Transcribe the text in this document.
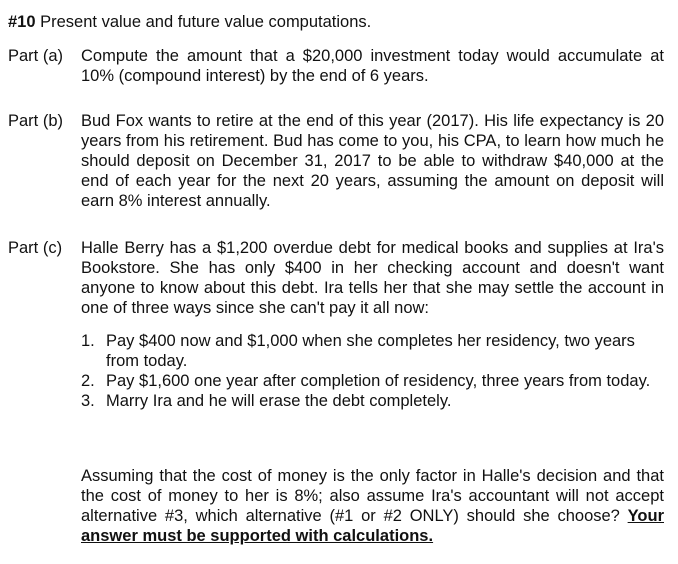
#10 Present value and future value computations.
Part (a) Compute the amount that a $20,000 investment today would accumulate at 10% (compound interest) by the end of 6 years.

Part (b) Bud Fox wants to retire at the end of this year (2017). His life expectancy is 20 years from his retirement. Bud has come to you, his CPA, to learn how much he should deposit on December 31, 2017 to be able to withdraw $40,000 at the end of each year for the next 20 years, assuming the amount on deposit will earn 8% interest annually.

Part (c) Halle Berry has a $1,200 overdue debt for medical books and supplies at Ira's Bookstore. She has only $400 in her checking account and doesn't want anyone to know about this debt. Ira tells her that she may settle the account in one of three ways since she can't pay it all now:

1. Pay $400 now and $1,000 when she completes her residency, two years from today.
2. Pay $1,600 one year after completion of residency, three years from today.
3. Marry Ira and he will erase the debt completely.

Assuming that the cost of money is the only factor in Halle's decision and that the cost of money to her is 8%; also assume Ira's accountant will not accept alternative #3, which alternative (#1 or #2 ONLY) should she choose? Your answer must be supported with calculations.
